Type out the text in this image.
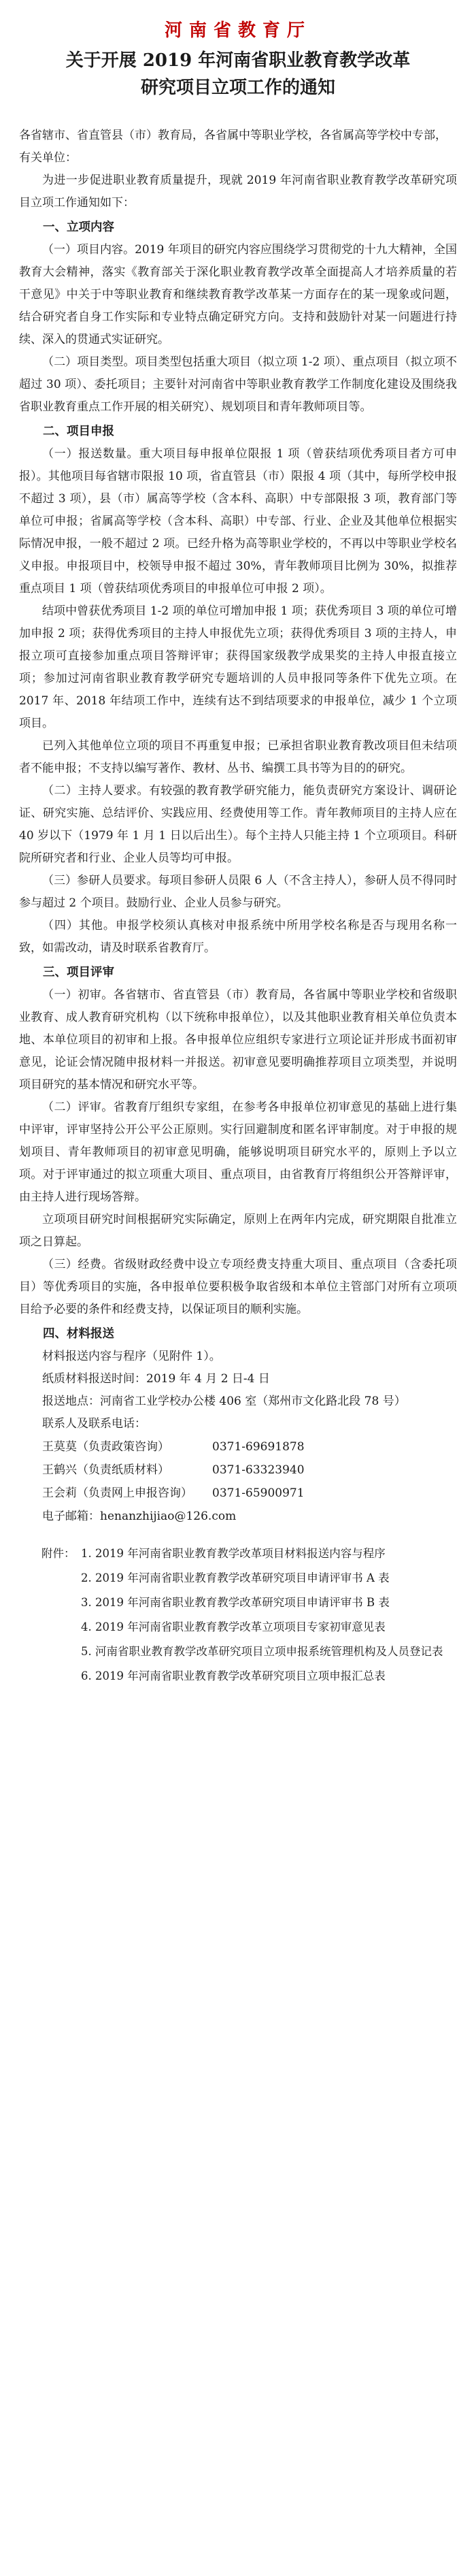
河南省教育厅

关于开展 2019 年河南省职业教育教学改革

研究项目立项工作的通知

各省辖市、省直管县（市）教育局，各省属中等职业学校，各省属高等学校中专部，有关单位：

为进一步促进职业教育质量提升，现就 2019 年河南省职业教育教学改革研究项目立项工作通知如下：

一、立项内容

（一）项目内容。2019 年项目的研究内容应围绕学习贯彻党的十九大精神，全国教育大会精神，落实《教育部关于深化职业教育教学改革全面提高人才培养质量的若干意见》中关于中等职业教育和继续教育教学改革某一方面存在的某一现象或问题，结合研究者自身工作实际和专业特点确定研究方向。支持和鼓励针对某一问题进行持续、深入的贯通式实证研究。

（二）项目类型。项目类型包括重大项目（拟立项 1-2 项）、重点项目（拟立项不超过 30 项）、委托项目；主要针对河南省中等职业教育教学工作制度化建设及围绕我省职业教育重点工作开展的相关研究）、规划项目和青年教师项目等。

二、项目申报

（一）报送数量。重大项目每申报单位限报 1 项（曾获结项优秀项目者方可申报）。其他项目每省辖市限报 10 项，省直管县（市）限报 4 项（其中，每所学校申报不超过 3 项），县（市）属高等学校（含本科、高职）中专部限报 3 项，教育部门等单位可申报；省属高等学校（含本科、高职）中专部、行业、企业及其他单位根据实际情况申报，一般不超过 2 项。已经升格为高等职业学校的，不再以中等职业学校名义申报。申报项目中，校领导申报不超过 30%，青年教师项目比例为 30%，拟推荐重点项目 1 项（曾获结项优秀项目的申报单位可申报 2 项）。

结项中曾获优秀项目 1-2 项的单位可增加申报 1 项；获优秀项目 3 项的单位可增加申报 2 项；获得优秀项目的主持人申报优先立项；获得优秀项目 3 项的主持人，申报立项可直接参加重点项目答辩评审；获得国家级教学成果奖的主持人申报直接立项；参加过河南省职业教育教学研究专题培训的人员申报同等条件下优先立项。在 2017 年、2018 年结项工作中，连续有达不到结项要求的申报单位，减少 1 个立项项目。

已列入其他单位立项的项目不再重复申报；已承担省职业教育教改项目但未结项者不能申报；不支持以编写著作、教材、丛书、编撰工具书等为目的的研究。

（二）主持人要求。有较强的教育教学研究能力，能负责研究方案设计、调研论证、研究实施、总结评价、实践应用、经费使用等工作。青年教师项目的主持人应在 40 岁以下（1979 年 1 月 1 日以后出生）。每个主持人只能主持 1 个立项项目。科研院所研究者和行业、企业人员等均可申报。

（三）参研人员要求。每项目参研人员限 6 人（不含主持人），参研人员不得同时参与超过 2 个项目。鼓励行业、企业人员参与研究。

（四）其他。申报学校须认真核对申报系统中所用学校名称是否与现用名称一致，如需改动，请及时联系省教育厅。

三、项目评审

（一）初审。各省辖市、省直管县（市）教育局，各省属中等职业学校和省级职业教育、成人教育研究机构（以下统称申报单位），以及其他职业教育相关单位负责本地、本单位项目的初审和上报。各申报单位应组织专家进行立项论证并形成书面初审意见，论证会情况随申报材料一并报送。初审意见要明确推荐项目立项类型，并说明项目研究的基本情况和研究水平等。

（二）评审。省教育厅组织专家组，在参考各申报单位初审意见的基础上进行集中评审，评审坚持公开公平公正原则。实行回避制度和匿名评审制度。对于申报的规划项目、青年教师项目的初审意见明确，能够说明项目研究水平的，原则上予以立项。对于评审通过的拟立项重大项目、重点项目，由省教育厅将组织公开答辩评审，由主持人进行现场答辩。

立项项目研究时间根据研究实际确定，原则上在两年内完成，研究期限自批准立项之日算起。

（三）经费。省级财政经费中设立专项经费支持重大项目、重点项目（含委托项目）等优秀项目的实施，各申报单位要积极争取省级和本单位主管部门对所有立项项目给予必要的条件和经费支持，以保证项目的顺利实施。

四、材料报送

材料报送内容与程序（见附件 1）。

纸质材料报送时间：2019 年 4 月 2 日-4 日

报送地点：河南省工业学校办公楼 406 室（郑州市文化路北段 78 号）

联系人及联系电话：

王莫莫（负责政策咨询）	0371-69691878
王鹤兴（负责纸质材料）	0371-63323940
王会莉（负责网上申报咨询）	0371-65900971
电子邮箱：henanzhijiao@126.com
附件： 1. 2019 年河南省职业教育教学改革项目材料报送内容与程序
2. 2019 年河南省职业教育教学改革研究项目申请评审书 A 表
3. 2019 年河南省职业教育教学改革研究项目申请评审书 B 表
4. 2019 年河南省职业教育教学改革立项项目专家初审意见表
5. 河南省职业教育教学改革研究项目立项申报系统管理机构及人员登记表
6. 2019 年河南省职业教育教学改革研究项目立项申报汇总表
